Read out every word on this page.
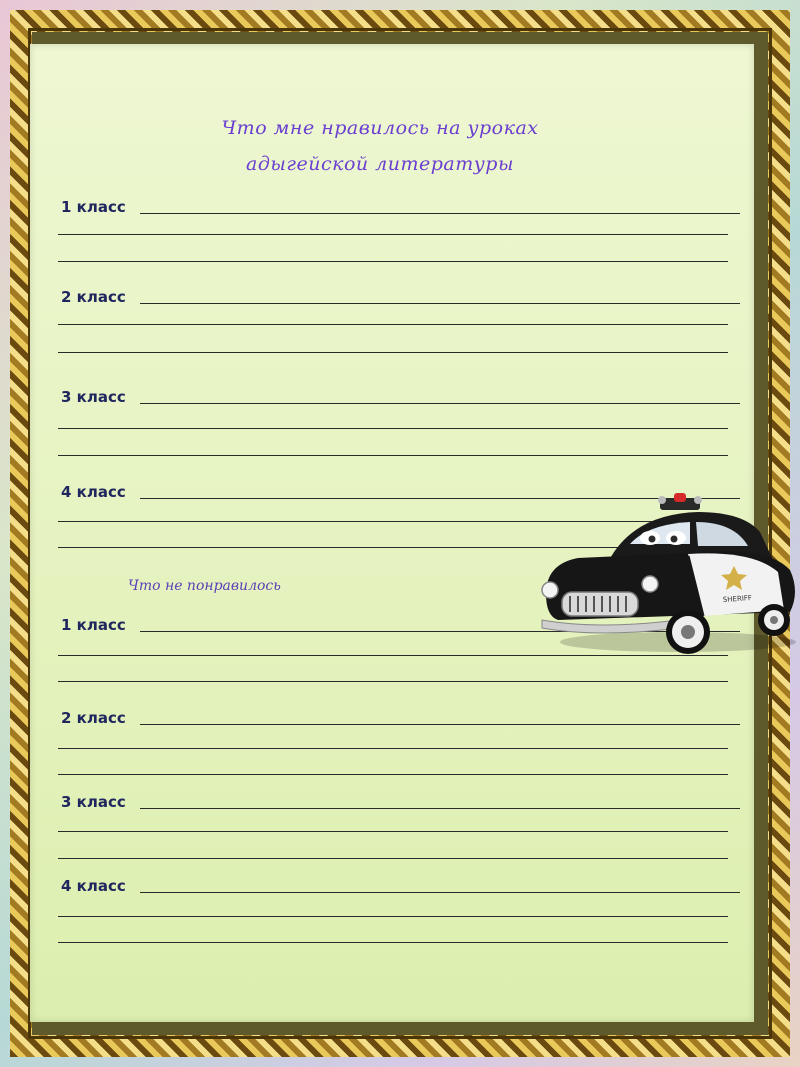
Что мне нравилось на уроках

адыгейской литературы

1 класс
2 класс
3 класс
4 класс

Что не понравилось

1 класс
2 класс
3 класс
4 класс
SHERIFF
